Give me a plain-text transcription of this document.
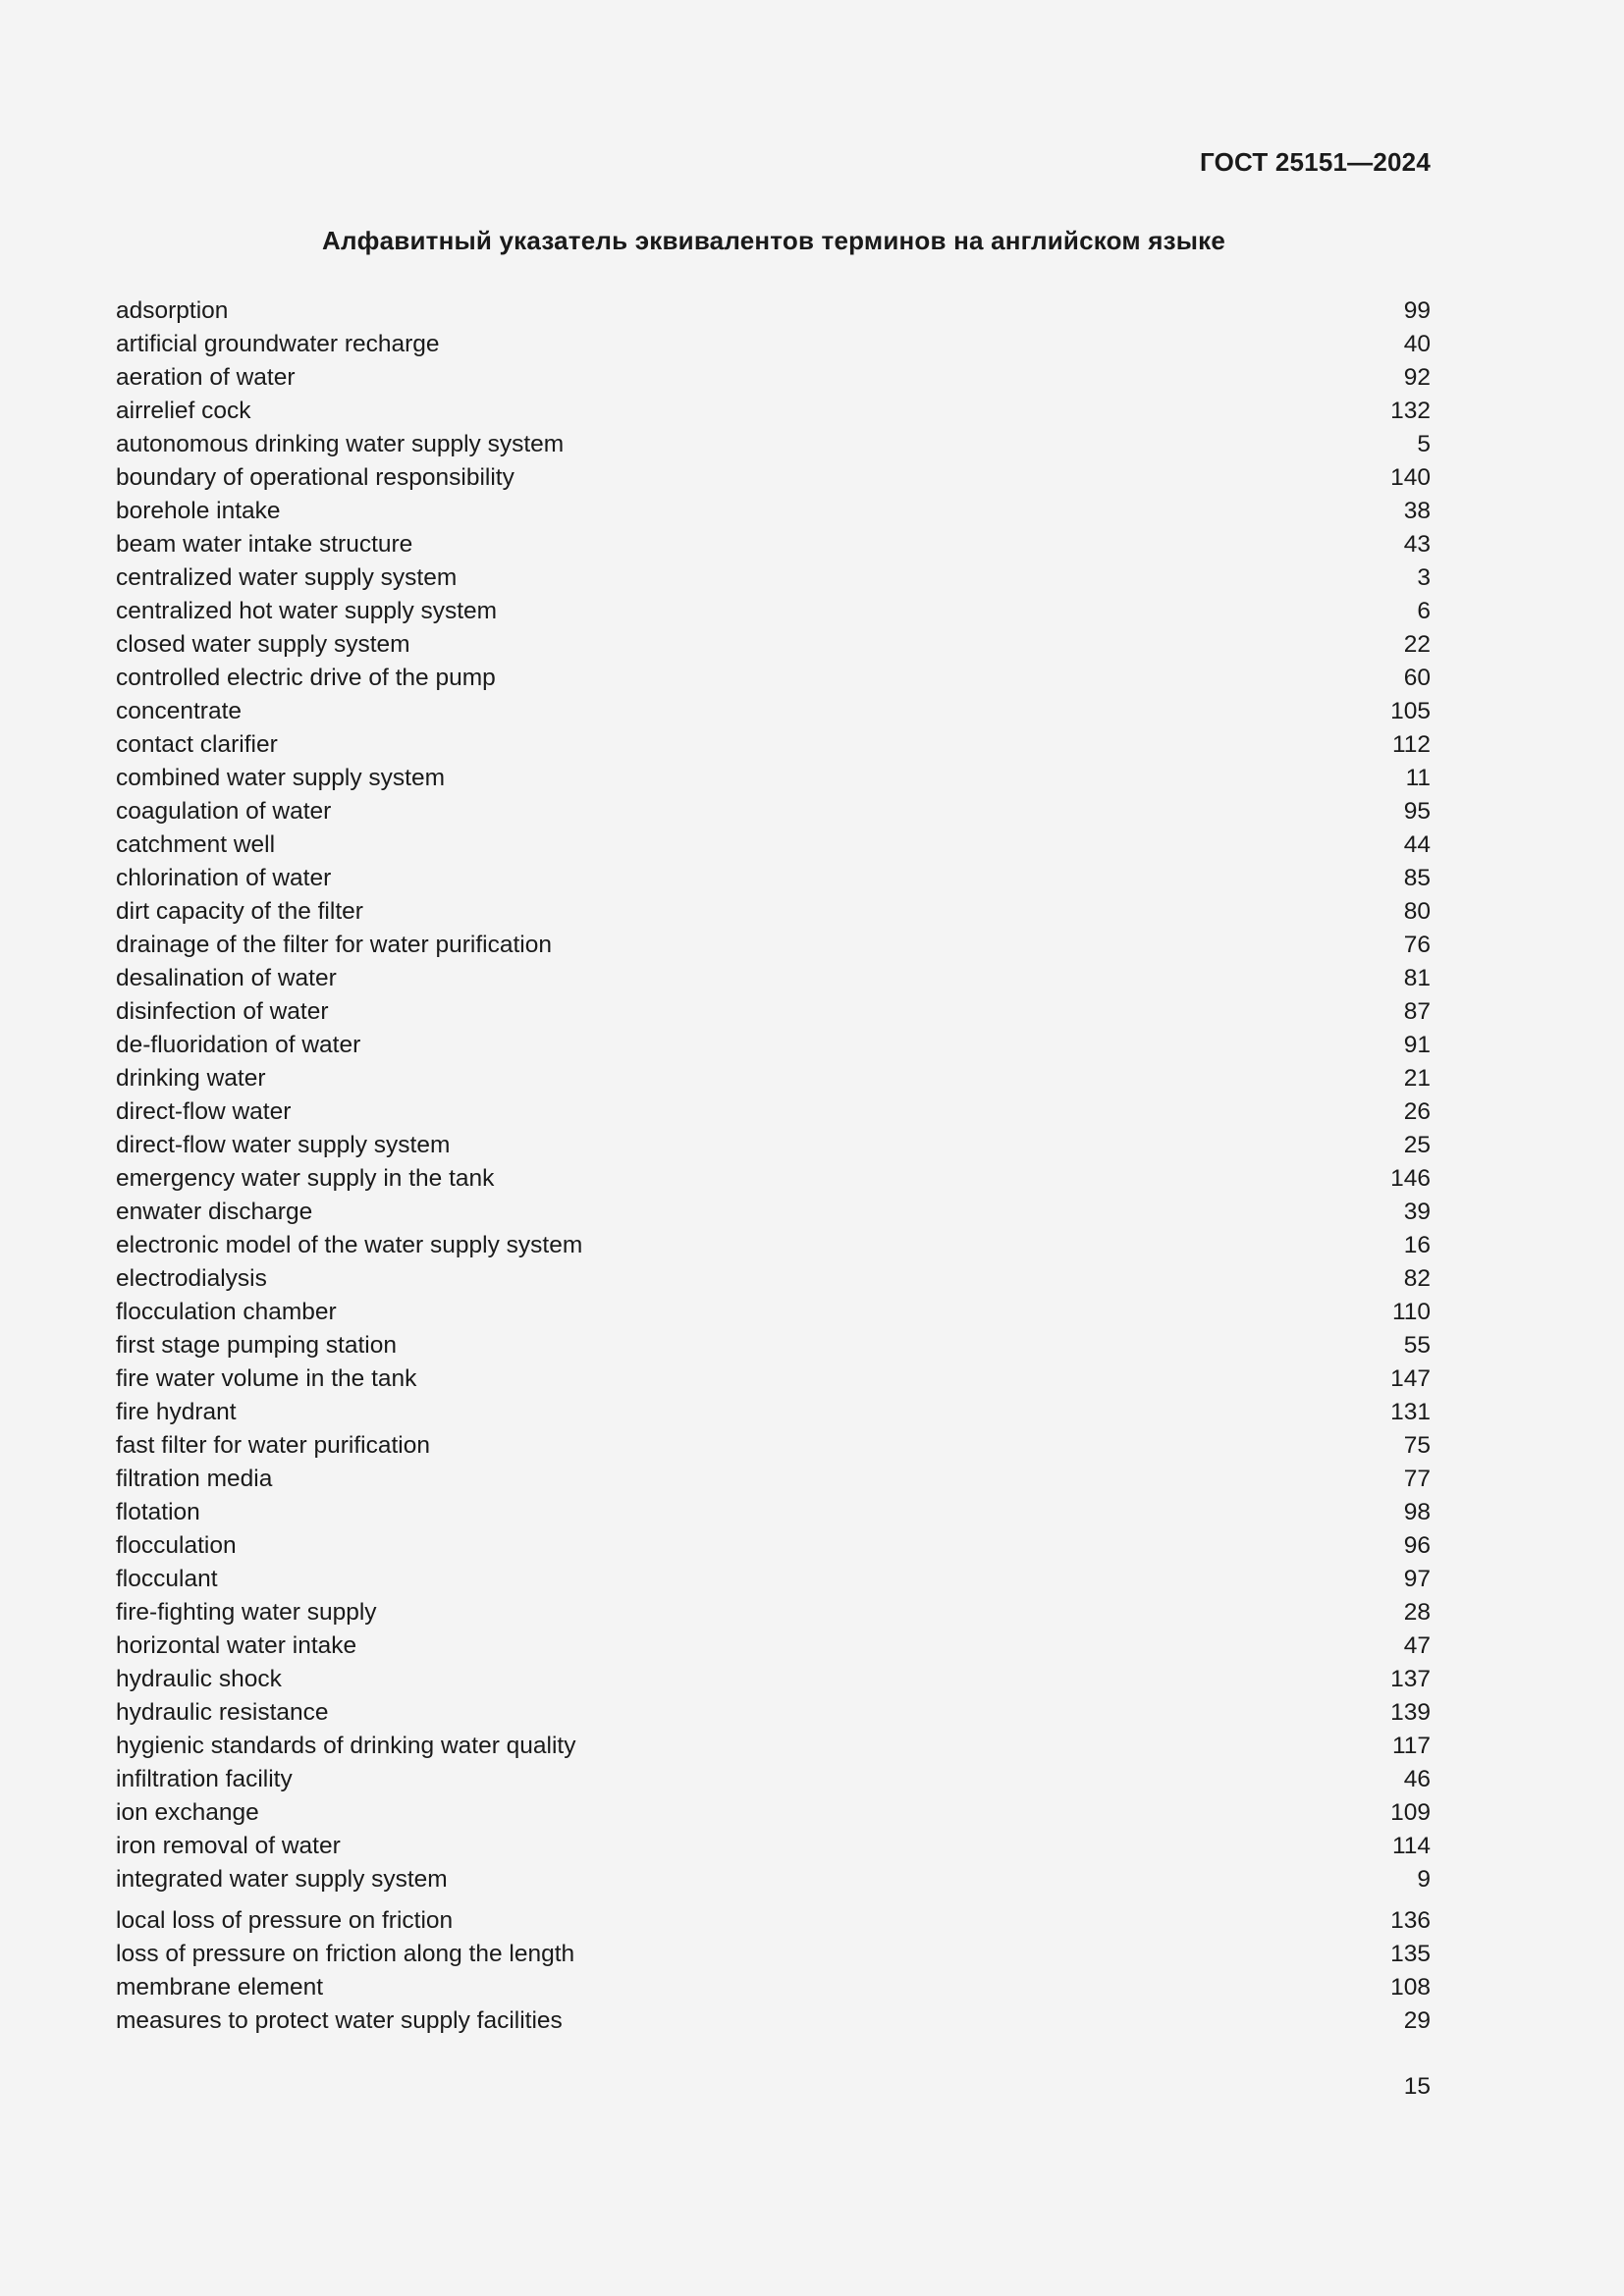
ГОСТ 25151—2024
Алфавитный указатель эквивалентов терминов на английском языке
adsorption	99
artificial groundwater recharge	40
aeration of water	92
airrelief cock	132
autonomous drinking water supply system	5
boundary of operational responsibility	140
borehole intake	38
beam water intake structure	43
centralized water supply system	3
centralized hot water supply system	6
closed water supply system	22
controlled electric drive of the pump	60
concentrate	105
contact clarifier	112
combined water supply system	11
coagulation of water	95
catchment well	44
chlorination of water	85
dirt capacity of the filter	80
drainage of the filter for water purification	76
desalination of water	81
disinfection of water	87
de-fluoridation of water	91
drinking water	21
direct-flow water	26
direct-flow water supply system	25
emergency water supply in the tank	146
enwater discharge	39
electronic model of the water supply system	16
electrodialysis	82
flocculation chamber	110
first stage pumping station	55
fire water volume in the tank	147
fire hydrant	131
fast filter for water purification	75
filtration media	77
flotation	98
flocculation	96
flocculant	97
fire-fighting water supply	28
horizontal water intake	47
hydraulic shock	137
hydraulic resistance	139
hygienic standards of drinking water quality	117
infiltration facility	46
ion exchange	109
iron removal of water	114
integrated water supply system	9
local loss of pressure on friction	136
loss of pressure on friction along the length	135
membrane element	108
measures to protect water supply facilities	29
15
